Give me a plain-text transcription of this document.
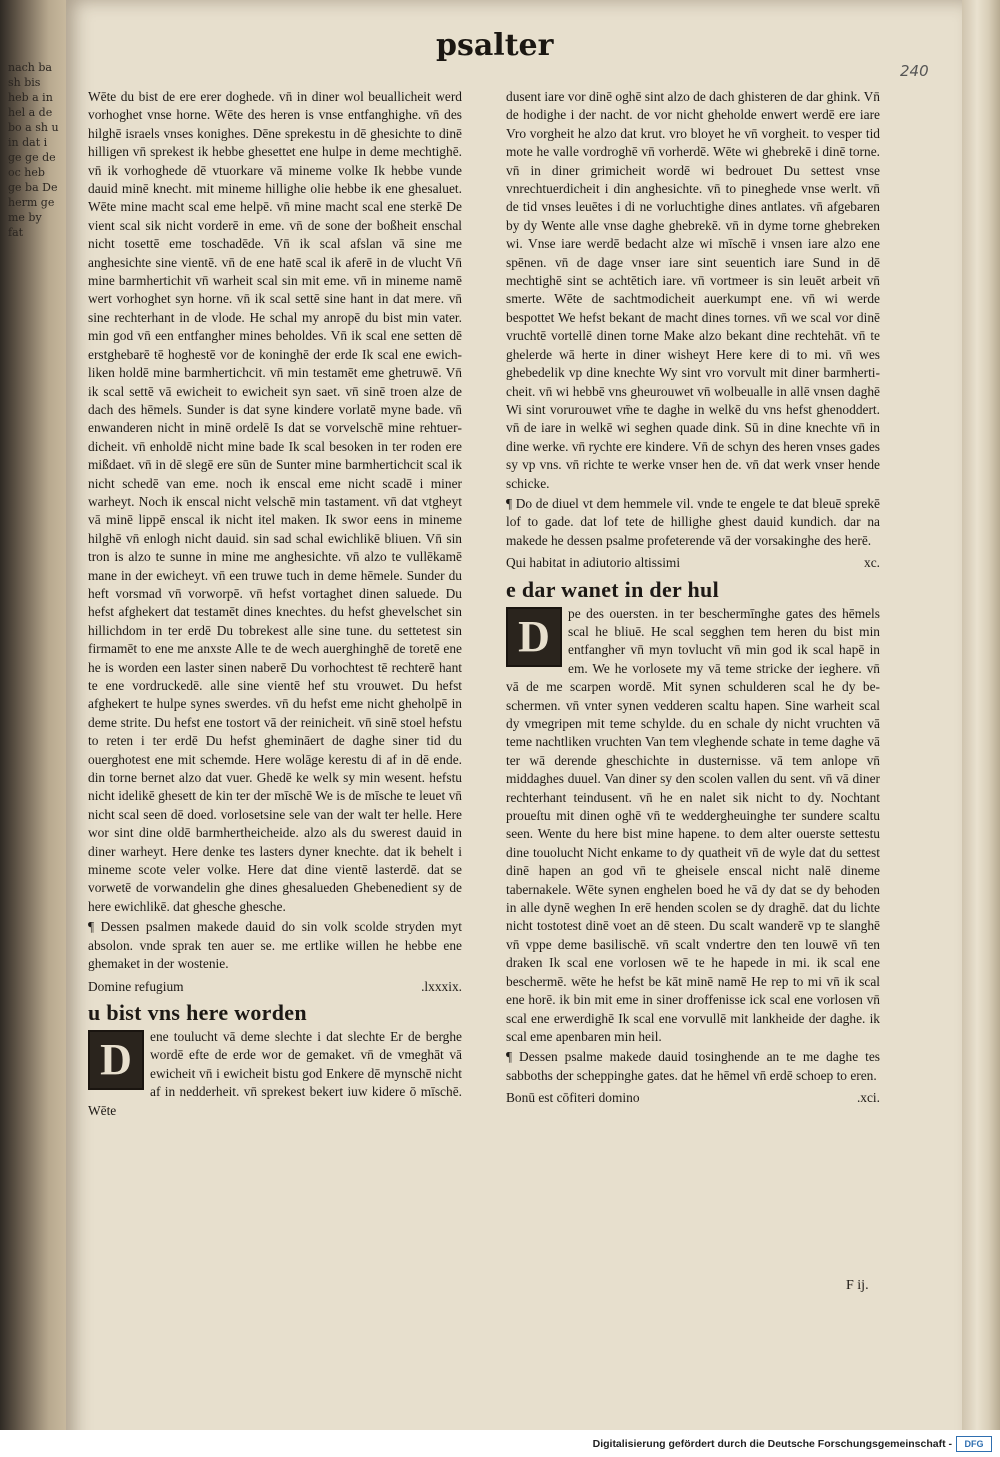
nach ba sh bis heb a in hel a de bo a sh u in dat i ge ge de oc heb ge ba De herm ge me by fat
psalter
240

Wēte du bist de ere erer doghede. vn̄ in diner wol beuallicheit werd vorhoghet vnse horne. Wēte des heren is vnse entfanghighe. vn̄ des hilghē israels vnses konighes. Dēne sprekestu in dē ghesichte to dinē hilligen vn̄ sprekest ik hebbe ghesettet ene hulpe in deme mechtighē. vn̄ ik vorhoghede dē vtuorkare vā mineme volke Ik hebbe vunde dauid minē knecht. mit mineme hillighe olie hebbe ik ene ghesaluet. Wēte mine macht scal eme helpē. vn̄ mine macht scal ene sterkē De vient scal sik nicht vorderē in eme. vn̄ de sone der boßheit enschal nicht tosettē eme toschadēde. Vn̄ ik scal afslan vā sine me anghesichte sine vientē. vn̄ de ene hatē scal ik aferē in de vlucht Vn̄ mine barmhertichit vn̄ warheit scal sin mit eme. vn̄ in mineme namē wert vorhoghet syn horne. vn̄ ik scal settē sine hant in dat mere. vn̄ sine rechterhant in de vlode. He schal my anropē du bist min vater. min god vn̄ een entfangher mines beholdes. Vn̄ ik scal ene setten dē erstghebarē tē hoghestē vor de koninghē der erde Ik scal ene ewichliken holdē mine barmhertichcit. vn̄ min testamēt eme ghetruwē. Vn̄ ik scal settē vā ewicheit to ewicheit syn saet. vn̄ sinē troen alze de dach des hēmels. Sunder is dat syne kindere vorlatē myne bade. vn̄ enwanderen nicht in minē ordelē Is dat se vorvelschē mine rehtuerdicheit. vn̄ enholdē nicht mine bade Ik scal besoken in ter roden ere mißdaet. vn̄ in dē slegē ere sūn de Sunter mine barmhertichcit scal ik nicht schedē van eme. noch ik enscal eme nicht scadē i miner warheyt. Noch ik enscal nicht velschē min tastament. vn̄ dat vtgheyt vā minē lippē enscal ik nicht itel maken. Ik swor eens in mineme hilghē vn̄ enlogh nicht dauid. sin sad schal ewichlikē bliuen. Vn̄ sin tron is alzo te sunne in mine me anghesichte. vn̄ alzo te vullēkamē mane in der ewicheyt. vn̄ een truwe tuch in deme hēmele. Sunder du heft vorsmad vn̄ vorworpē. vn̄ hefst vortaghet dinen saluede. Du hefst afghekert dat testamēt dines knechtes. du hefst ghevelschet sin hillichdom in ter erdē Du tobrekest alle sine tune. du settetest sin firmamēt to ene me anxste Alle te de wech auerghinghē de toretē ene he is worden een laster sinen naberē Du vorhochtest tē rechterē hant te ene vordruckedē. alle sine vientē hef stu vrouwet. Du hefst afghekert te hulpe synes swerdes. vn̄ du hefst eme nicht gheholpē in deme strite. Du hefst ene tostort vā der reinicheit. vn̄ sinē stoel hefstu to reten i ter erdē Du hefst ghemināert de daghe siner tid du ouerghotest ene mit schemde. Here wolāge kerestu di af in dē ende. din torne bernet alzo dat vuer. Ghedē ke welk sy min wesent. hefstu nicht idelikē ghesett de kin ter der mīschē We is de mīsche te leuet vn̄ nicht scal seen dē doed. vorlosetsine sele van der walt ter helle. Here wor sint dine oldē barmhertheicheide. alzo als du swerest dauid in diner warheyt. Here denke tes lasters dyner knechte. dat ik behelt i mineme scote veler volke. Here dat dine vientē lasterdē. dat se vorwetē de vorwandelin ghe dines ghesalueden Ghebenedient sy de here ewichlikē. dat ghesche ghesche.

¶ Dessen psalmen makede dauid do sin volk scolde stryden myt absolon. vnde sprak ten auer se. me ertlike willen he hebbe ene ghemaket in der wostenie.

Domine refugium	.lxxxix.
u bist vns here worden
D	ene toulucht vā deme slechte i dat slechte Er de berghe wordē efte de erde wor de gemaket. vn̄ de vmeghāt vā ewicheit vn̄ i ewicheit bistu god Enkere dē mynschē nicht af in nedderheit. vn̄ sprekest bekert iuw kidere ō mīschē. Wēte

dusent iare vor dinē oghē sint alzo de dach ghisteren de dar ghink. Vn̄ de hodighe i der nacht. de vor nicht gheholde enwert werdē ere iare Vro vorgheit he alzo dat krut. vro bloyet he vn̄ vorgheit. to vesper tid mote he valle vordroghē vn̄ vorherdē. Wēte wi ghebrekē i dinē torne. vn̄ in diner grimicheit wordē wi bedrouet Du settest vnse vnrechtuerdicheit i din anghesichte. vn̄ to pineghede vnse werlt. vn̄ de tid vnses leuētes i di ne vorluchtighe dines antlates. vn̄ afgebaren by dy Wente alle vnse daghe ghebrekē. vn̄ in dyme torne ghebreken wi. Vnse iare werdē bedacht alze wi mīschē i vnsen iare alzo ene spēnen. vn̄ de dage vnser iare sint seuentich iare Sund in dē mechtighē sint se achtētich iare. vn̄ vortmeer is sin leuēt arbeit vn̄ smerte. Wēte de sachtmodicheit auerkumpt ene. vn̄ wi werde bespottet We hefst bekant de macht dines tornes. vn̄ we scal vor dinē vruchtē vortellē dinen torne Make alzo bekant dine rechtehāt. vn̄ te ghelerde wā herte in diner wisheyt Here kere di to mi. vn̄ wes ghebedelik vp dine knechte Wy sint vro vorvult mit diner barmherticheit. vn̄ wi hebbē vns gheurouwet vn̄ wolbeualle in allē vnsen daghē Wi sint vorurouwet vm̄e te daghe in welkē du vns hefst ghenoddert. vn̄ de iare in welkē wi seghen quade dink. Sū in dine knechte vn̄ in dine werke. vn̄ rychte ere kindere. Vn̄ de schyn des heren vnses gades sy vp vns. vn̄ richte te werke vnser hen de. vn̄ dat werk vnser hende schicke.

¶ Do de diuel vt dem hemmele vil. vnde te engele te dat bleuē sprekē lof to gade. dat lof tete de hillighe ghest dauid kundich. dar na makede he dessen psalme profeterende vā der vorsakinghe des herē.

Qui habitat in adiutorio altissimi	xc.
e dar wanet in der hul
D	pe des ouersten. in ter beschermīnghe gates des hēmels scal he bliuē. He scal segghen tem heren du bist min entfangher vn̄ myn tovlucht vn̄ min god ik scal hapē in em. We he vorlosete my vā teme stricke der ieghere. vn̄ vā de me scarpen wordē. Mit synen schulderen scal he dy beschermen. vn̄ vnter synen vedderen scaltu hapen. Sine warheit scal dy vmegripen mit teme schylde. du en schale dy nicht vruchten vā teme nachtliken vruchten Van tem vleghende schate in teme daghe vā ter wā derende gheschichte in dusternisse. vā tem anlope vn̄ middaghes duuel. Van diner sy den scolen vallen du sent. vn̄ vā diner rechterhant teindusent. vn̄ he en nalet sik nicht to dy. Nochtant proueſtu mit dinen oghē vn̄ te weddergheuinghe ter sundere scaltu seen. Wente du here bist mine hapene. to dem alter ouerste settestu dine touolucht Nicht enkame to dy quatheit vn̄ de wyle dat du settest dinē hapen an god vn̄ te gheisele enscal nicht nalē dineme tabernakele. Wēte synen enghelen boed he vā dy dat se dy behoden in alle dynē weghen In erē henden scolen se dy draghē. dat du lichte nicht tostotest dinē voet an dē steen. Du scalt wanderē vp te slanghē vn̄ vppe deme basilischē. vn̄ scalt vndertre den ten louwē vn̄ ten draken Ik scal ene vorlosen wē te he hapede in mi. ik scal ene beschermē. wēte he hefst be kāt minē namē He rep to mi vn̄ ik scal ene horē. ik bin mit eme in siner droffenisse ick scal ene vorlosen vn̄ scal ene erwerdighē Ik scal ene vorvullē mit lankheide der daghe. ik scal eme apenbaren min heil.

¶ Dessen psalme makede dauid tosinghende an te me daghe tes sabboths der scheppinghe gates. dat he hēmel vn̄ erdē schoep to eren.

Bonū est cōfiteri domino	.xci.
F ij.
Digitalisierung gefördert durch die Deutsche Forschungsgemeinschaft -	DFG
